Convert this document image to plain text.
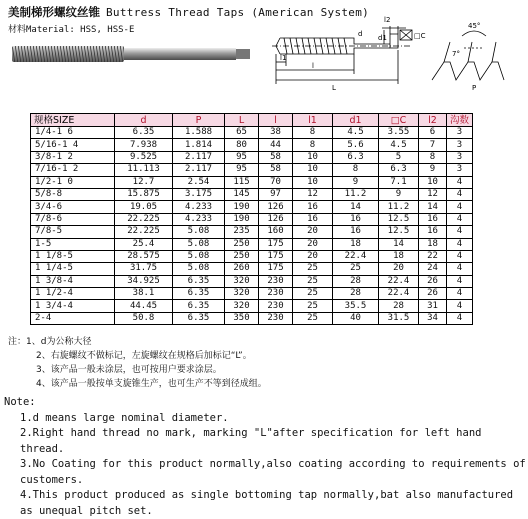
美制梯形螺纹丝锥 Buttress Thread Taps (American System)
材料Material: HSS, HSS-E
L
l
l1
l2
d1
d	□C
45°
7°
P
规格SIZE	d	P	L	l	l1	d1	□C	l2	沟数
1/4-1 6	6.35	1.588	65	38	8	4.5	3.55	6	3
5/16-1 4	7.938	1.814	80	44	8	5.6	4.5	7	3
3/8-1 2	9.525	2.117	95	58	10	6.3	5	8	3
7/16-1 2	11.113	2.117	95	58	10	8	6.3	9	3
1/2-1 0	12.7	2.54	115	70	10	9	7.1	10	4
5/8-8	15.875	3.175	145	97	12	11.2	9	12	4
3/4-6	19.05	4.233	190	126	16	14	11.2	14	4
7/8-6	22.225	4.233	190	126	16	16	12.5	16	4
7/8-5	22.225	5.08	235	160	20	16	12.5	16	4
1-5	25.4	5.08	250	175	20	18	14	18	4
1 1/8-5	28.575	5.08	250	175	20	22.4	18	22	4
1 1/4-5	31.75	5.08	260	175	25	25	20	24	4
1 3/8-4	34.925	6.35	320	230	25	28	22.4	26	4
1 1/2-4	38.1	6.35	320	230	25	28	22.4	26	4
1 3/4-4	44.45	6.35	320	230	25	35.5	28	31	4
2-4	50.8	6.35	350	230	25	40	31.5	34	4
注：1、d为公称大径
2、右旋螺纹不做标记，左旋螺纹在规格后加标记“L”。
3、该产品一般未涂层，也可按用户要求涂层。
4、该产品一般按单支旋锥生产，也可生产不等到径成组。
Note:
1.d means large nominal diameter.
2.Right hand thread no mark, marking "L"after specification for left hand thread.
3.No Coating for this product normally,also coating according to requirements of customers.
4.This product produced as single bottoming tap normally,bat also manufactured as unequal pitch set.
